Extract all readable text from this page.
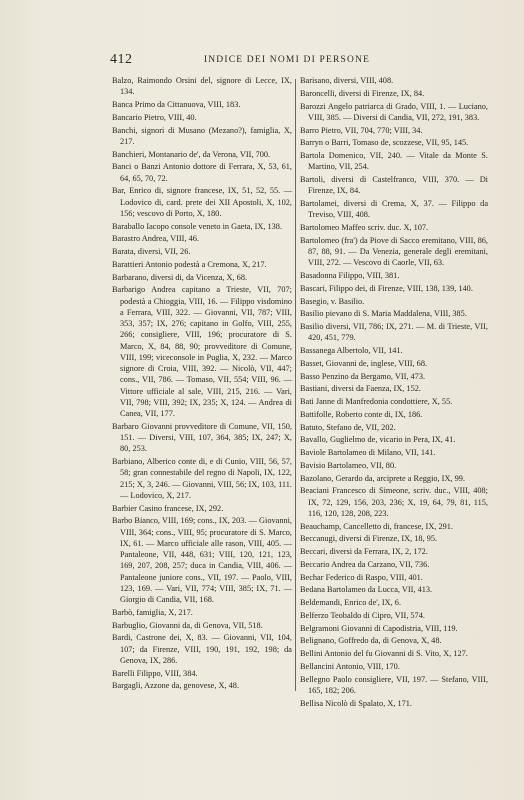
412	INDICE DEI NOMI DI PERSONE

Balzo, Raimondo Orsini del, signore di Lecce, IX, 134.

Banca Primo da Cittanuova, VIII, 183.

Bancario Pietro, VIII, 40.

Banchi, signori di Musano (Mezano?), famiglia, X, 217.

Banchieri, Montanario de', da Verona, VII, 700.

Banci o Banzi Antonio dottore di Ferrara, X, 53, 61, 64, 65, 70, 72.

Bar, Enrico di, signore francese, IX, 51, 52, 55. — Lodovico di, card. prete dei XII Apostoli, X, 102, 156; vescovo di Porto, X, 180.

Baraballo Iacopo console veneto in Gaeta, IX, 138.

Barastro Andrea, VIII, 46.

Barata, diversi, VII, 26.

Barattieri Antonio podestà a Cremona, X, 217.

Barbarano, diversi di, da Vicenza, X, 68.

Barbarigo Andrea capitano a Trieste, VII, 707; podestà a Chioggia, VIII, 16. — Filippo visdomino a Ferrara, VIII, 322. — Giovanni, VII, 787; VIII, 353, 357; IX, 276; capitano in Golfo, VIII, 255, 266; consigliere, VIII, 196; procuratore di S. Marco, X, 84, 88, 90; provveditore di Comune, VIII, 199; viceconsole in Puglia, X, 232. — Marco signore di Croia, VIII, 392. — Nicolò, VII, 447; cons., VII, 786. — Tomaso, VII, 554; VIII, 96. — Vittore ufficiale al sale, VIII, 215, 216. — Vari, VII, 798; VIII, 392; IX, 235; X, 124. — Andrea di Canea, VII, 177.

Barbaro Giovanni provveditore di Comune, VII, 150, 151. — Diversi, VIII, 107, 364, 385; IX, 247; X, 80, 253.

Barbiano, Alberico conte di, e di Cunio, VIII, 56, 57, 58; gran connestabile del regno di Napoli, IX, 122, 215; X, 3, 246. — Giovanni, VIII, 56; IX, 103, 111. — Lodovico, X, 217.

Barbier Casino francese, IX, 292.

Barbo Bianco, VIII, 169; cons., IX, 203. — Giovanni, VIII, 364; cons., VIII, 95; procuratore di S. Marco, IX, 61. — Marco ufficiale alle rason, VIII, 405. — Pantaleone, VII, 448, 631; VIII, 120, 121, 123, 169, 207, 208, 257; duca in Candia, VIII, 406. — Pantaleone juniore cons., VII, 197. — Paolo, VIII, 123, 169. — Vari, VII, 774; VIII, 385; IX, 71. — Giorgio di Candia, VII, 168.

Barbò, famiglia, X, 217.

Barbuglio, Giovanni da, di Genova, VII, 518.

Bardi, Castrone dei, X, 83. — Giovanni, VII, 104, 107; da Firenze, VIII, 190, 191, 192, 198; da Genova, IX, 286.

Barelli Filippo, VIII, 384.

Bargagli, Azzone da, genovese, X, 48.

Barisano, diversi, VIII, 408.

Baroncelli, diversi di Firenze, IX, 84.

Barozzi Angelo patriarca di Grado, VIII, 1. — Luciano, VIII, 385. — Diversi di Candia, VII, 272, 191, 383.

Barro Pietro, VII, 704, 770; VIII, 34.

Barryn o Barri, Tomaso de, scozzese, VII, 95, 145.

Bartola Domenico, VII, 240. — Vitale da Monte S. Martino, VII, 254.

Bartoli, diversi di Castelfranco, VIII, 370. — Di Firenze, IX, 84.

Bartolamei, diversi di Cremа, X, 37. — Filippo da Treviso, VIII, 408.

Bartolomeo Maffeo scriv. duc. X, 107.

Bartolomeo (fra') da Piove di Sacco eremitano, VIII, 86, 87, 88, 91. — Da Venezia, generale degli eremitani, VIII, 272. — Vescovo di Caorle, VII, 63.

Basadonna Filippo, VIII, 381.

Bascari, Filippo dei, di Firenze, VIII, 138, 139, 140.

Basegio, v. Basilio.

Basilio pievano di S. Maria Maddalena, VIII, 385.

Basilio diversi, VII, 786; IX, 271. — M. di Trieste, VII, 420, 451, 779.

Bassanega Albertolo, VII, 141.

Basset, Giovanni de, inglese, VIII, 68.

Basso Penzino da Bergamo, VII, 473.

Bastiani, diversi da Faenza, IX, 152.

Bati Janne di Manfredonia condottiere, X, 55.

Battifolle, Roberto conte di, IX, 186.

Batuto, Stefano de, VII, 202.

Bavallo, Guglielmo de, vicario in Pera, IX, 41.

Baviole Bartolameo di Milano, VII, 141.

Bavisio Bartolameo, VII, 80.

Bazolano, Gerardo da, arciprete a Reggio, IX, 99.

Beaciani Francesco di Simeone, scriv. duc., VIII, 408; IX, 72, 129, 156, 203, 236; X, 19, 64, 79, 81, 115, 116, 120, 128, 208, 223.

Beauchamp, Cancelletto di, francese, IX, 291.

Beccanugi, diversi di Firenze, IX, 18, 95.

Beccari, diversi da Ferrara, IX, 2, 172.

Beccario Andrea da Carzano, VII, 736.

Bechar Federico di Raspo, VIII, 401.

Bedana Bartolameo da Lucca, VII, 413.

Beldemandi, Enrico de', IX, 6.

Belferzo Teobaldo di Cipro, VII, 574.

Belgramoni Giovanni di Capodistria, VIII, 119.

Belignano, Goffredo da, di Genova, X, 48.

Bellini Antonio del fu Giovanni di S. Vito, X, 127.

Bellancini Antonio, VIII, 170.

Bellegno Paolo consigliere, VII, 197. — Stefano, VIII, 165, 182; 206.

Bellisa Nicolò di Spalato, X, 171.
